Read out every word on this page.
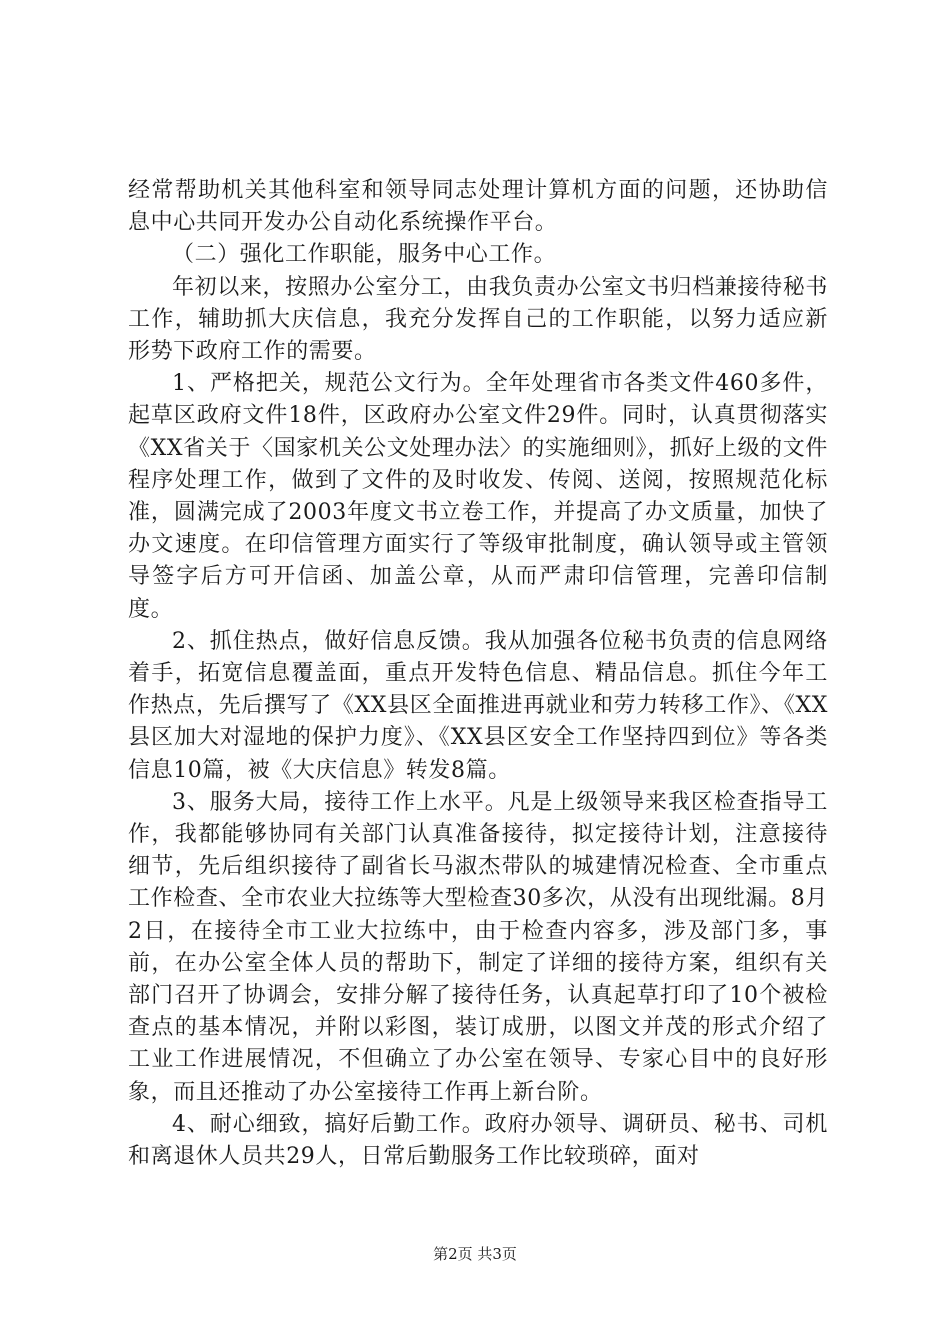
经常帮助机关其他科室和领导同志处理计算机方面的问题，还协助信息中心共同开发办公自动化系统操作平台。

（二）强化工作职能，服务中心工作。

年初以来，按照办公室分工，由我负责办公室文书归档兼接待秘书工作，辅助抓大庆信息，我充分发挥自己的工作职能，以努力适应新形势下政府工作的需要。

1、严格把关，规范公文行为。全年处理省市各类文件460多件，起草区政府文件18件，区政府办公室文件29件。同时，认真贯彻落实《XX省关于〈国家机关公文处理办法〉的实施细则》，抓好上级的文件程序处理工作，做到了文件的及时收发、传阅、送阅，按照规范化标准，圆满完成了2003年度文书立卷工作，并提高了办文质量，加快了办文速度。在印信管理方面实行了等级审批制度，确认领导或主管领导签字后方可开信函、加盖公章，从而严肃印信管理，完善印信制度。

2、抓住热点，做好信息反馈。我从加强各位秘书负责的信息网络着手，拓宽信息覆盖面，重点开发特色信息、精品信息。抓住今年工作热点，先后撰写了《XX县区全面推进再就业和劳力转移工作》、《XX县区加大对湿地的保护力度》、《XX县区安全工作坚持四到位》等各类信息10篇，被《大庆信息》转发8篇。

3、服务大局，接待工作上水平。凡是上级领导来我区检查指导工作，我都能够协同有关部门认真准备接待，拟定接待计划，注意接待细节，先后组织接待了副省长马淑杰带队的城建情况检查、全市重点工作检查、全市农业大拉练等大型检查30多次，从没有出现纰漏。8月2日，在接待全市工业大拉练中，由于检查内容多，涉及部门多，事前，在办公室全体人员的帮助下，制定了详细的接待方案，组织有关部门召开了协调会，安排分解了接待任务，认真起草打印了10个被检查点的基本情况，并附以彩图，装订成册，以图文并茂的形式介绍了工业工作进展情况，不但确立了办公室在领导、专家心目中的良好形象，而且还推动了办公室接待工作再上新台阶。

4、耐心细致，搞好后勤工作。政府办领导、调研员、秘书、司机和离退休人员共29人，日常后勤服务工作比较琐碎，面对

第2页 共3页
